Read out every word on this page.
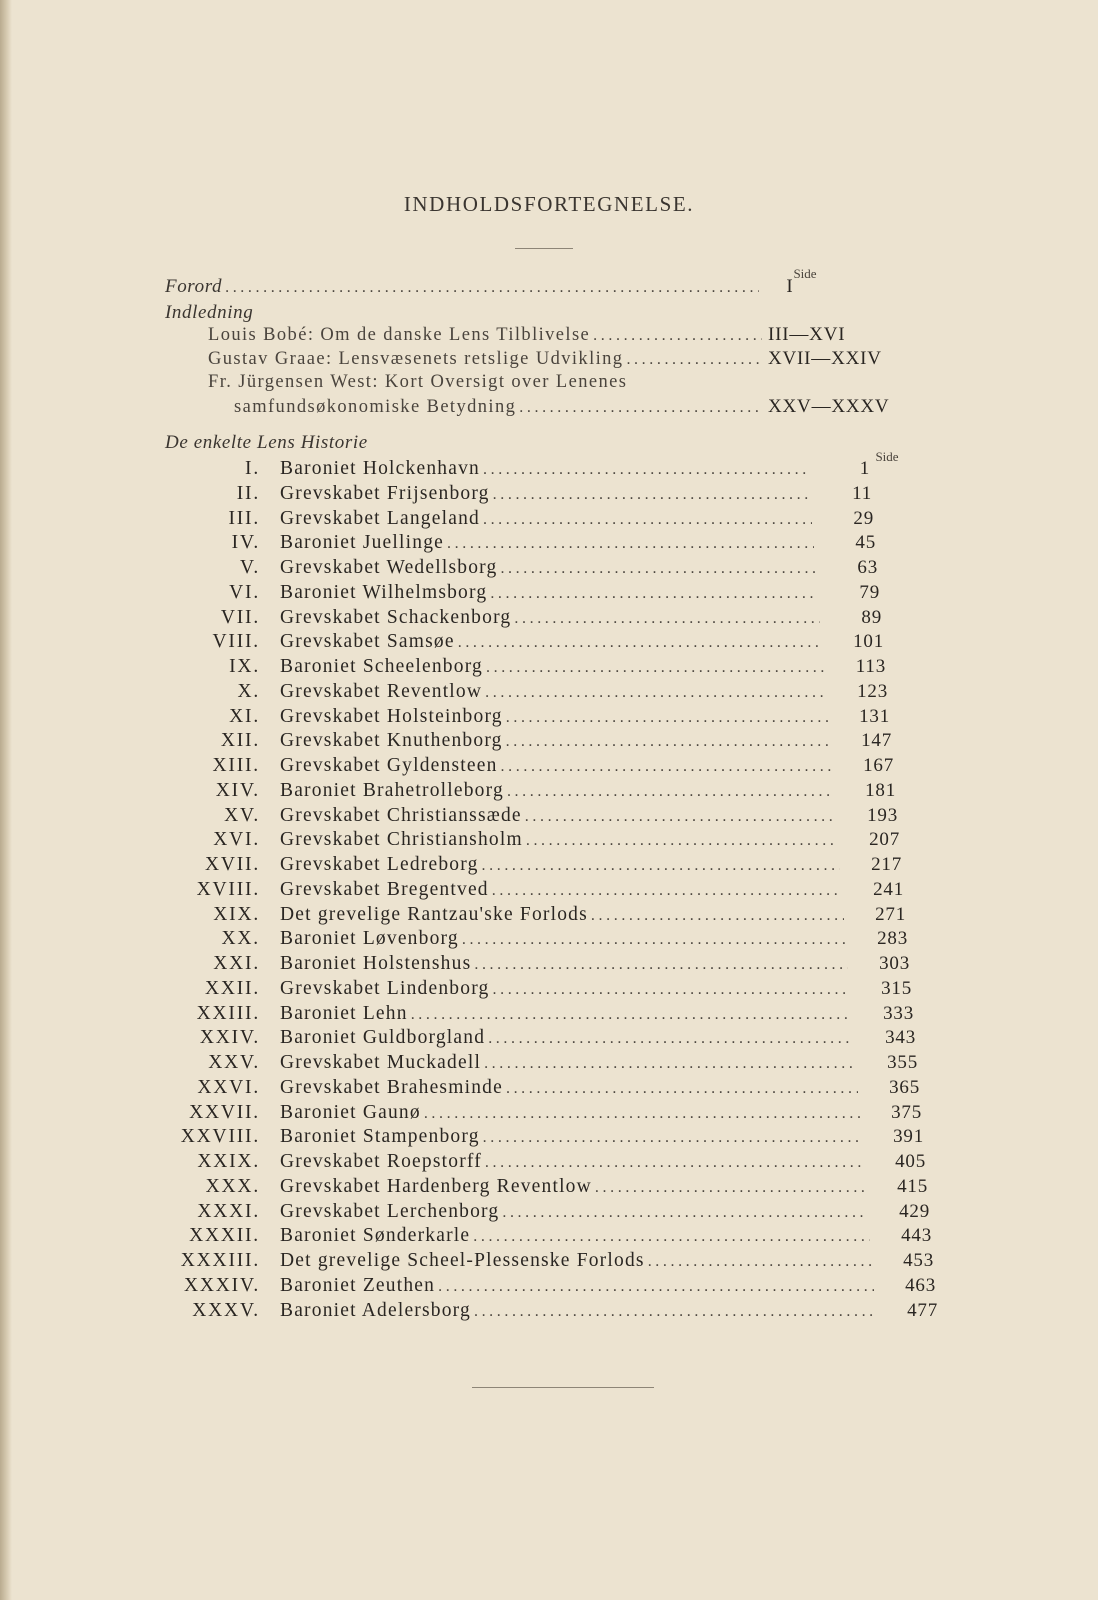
INDHOLDSFORTEGNELSE.
Side
Forord .....	I
Indledning
Louis Bobé: Om de danske Lens Tilblivelse .....	III—XVI
Gustav Graae: Lensvæsenets retslige Udvikling .....	XVII—XXIV
Fr. Jürgensen West: Kort Oversigt over Lenenes
samfundsøkonomiske Betydning .....	XXV—XXXV
De enkelte Lens Historie
Side
I. Baroniet Holckenhavn .....	1
II. Grevskabet Frijsenborg .....	11
III. Grevskabet Langeland .....	29
IV. Baroniet Juellinge .....	45
V. Grevskabet Wedellsborg .....	63
VI. Baroniet Wilhelmsborg .....	79
VII. Grevskabet Schackenborg .....	89
VIII. Grevskabet Samsøe .....	101
IX. Baroniet Scheelenborg .....	113
X. Grevskabet Reventlow .....	123
XI. Grevskabet Holsteinborg .....	131
XII. Grevskabet Knuthenborg .....	147
XIII. Grevskabet Gyldensteen .....	167
XIV. Baroniet Brahetrolleborg .....	181
XV. Grevskabet Christianssæde .....	193
XVI. Grevskabet Christiansholm .....	207
XVII. Grevskabet Ledreborg .....	217
XVIII. Grevskabet Bregentved .....	241
XIX. Det grevelige Rantzau'ske Forlods .....	271
XX. Baroniet Løvenborg .....	283
XXI. Baroniet Holstenshus .....	303
XXII. Grevskabet Lindenborg .....	315
XXIII. Baroniet Lehn .....	333
XXIV. Baroniet Guldborgland .....	343
XXV. Grevskabet Muckadell .....	355
XXVI. Grevskabet Brahesminde .....	365
XXVII. Baroniet Gaunø .....	375
XXVIII. Baroniet Stampenborg .....	391
XXIX. Grevskabet Roepstorff .....	405
XXX. Grevskabet Hardenberg Reventlow .....	415
XXXI. Grevskabet Lerchenborg .....	429
XXXII. Baroniet Sønderkarle .....	443
XXXIII. Det grevelige Scheel-Plessenske Forlods .....	453
XXXIV. Baroniet Zeuthen .....	463
XXXV. Baroniet Adelersborg .....	477
